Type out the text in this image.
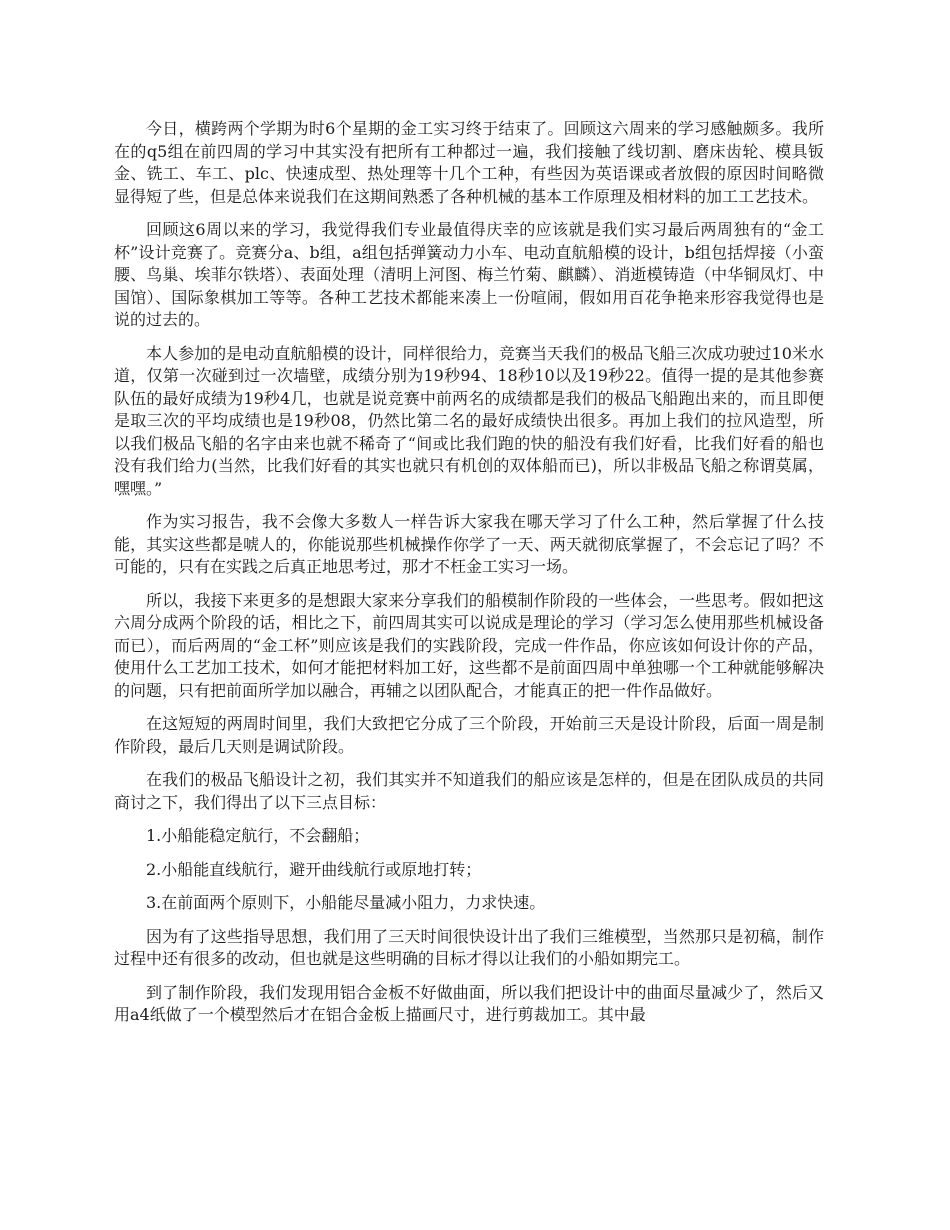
今日，横跨两个学期为时6个星期的金工实习终于结束了。回顾这六周来的学习感触颇多。我所在的q5组在前四周的学习中其实没有把所有工种都过一遍，我们接触了线切割、磨床齿轮、模具钣金、铣工、车工、plc、快速成型、热处理等十几个工种，有些因为英语课或者放假的原因时间略微显得短了些，但是总体来说我们在这期间熟悉了各种机械的基本工作原理及相材料的加工工艺技术。

回顾这6周以来的学习，我觉得我们专业最值得庆幸的应该就是我们实习最后两周独有的“金工杯”设计竞赛了。竞赛分a、b组，a组包括弹簧动力小车、电动直航船模的设计，b组包括焊接（小蛮腰、鸟巢、埃菲尔铁塔）、表面处理（清明上河图、梅兰竹菊、麒麟）、消逝模铸造（中华铜凤灯、中国馆）、国际象棋加工等等。各种工艺技术都能来凑上一份喧闹，假如用百花争艳来形容我觉得也是说的过去的。

本人参加的是电动直航船模的设计，同样很给力，竞赛当天我们的极品飞船三次成功驶过10米水道，仅第一次碰到过一次墙壁，成绩分别为19秒94、18秒10以及19秒22。值得一提的是其他参赛队伍的最好成绩为19秒4几，也就是说竞赛中前两名的成绩都是我们的极品飞船跑出来的，而且即便是取三次的平均成绩也是19秒08，仍然比第二名的最好成绩快出很多。再加上我们的拉风造型，所以我们极品飞船的名字由来也就不稀奇了“间或比我们跑的快的船没有我们好看，比我们好看的船也没有我们给力(当然，比我们好看的其实也就只有机创的双体船而已)，所以非极品飞船之称谓莫属，嘿嘿。”

作为实习报告，我不会像大多数人一样告诉大家我在哪天学习了什么工种，然后掌握了什么技能，其实这些都是唬人的，你能说那些机械操作你学了一天、两天就彻底掌握了，不会忘记了吗？不可能的，只有在实践之后真正地思考过，那才不枉金工实习一场。

所以，我接下来更多的是想跟大家来分享我们的船模制作阶段的一些体会，一些思考。假如把这六周分成两个阶段的话，相比之下，前四周其实可以说成是理论的学习（学习怎么使用那些机械设备而已），而后两周的“金工杯”则应该是我们的实践阶段，完成一件作品，你应该如何设计你的产品，使用什么工艺加工技术，如何才能把材料加工好，这些都不是前面四周中单独哪一个工种就能够解决的问题，只有把前面所学加以融合，再辅之以团队配合，才能真正的把一件作品做好。

在这短短的两周时间里，我们大致把它分成了三个阶段，开始前三天是设计阶段，后面一周是制作阶段，最后几天则是调试阶段。

在我们的极品飞船设计之初，我们其实并不知道我们的船应该是怎样的，但是在团队成员的共同商讨之下，我们得出了以下三点目标：

1.小船能稳定航行，不会翻船；

2.小船能直线航行，避开曲线航行或原地打转；

3.在前面两个原则下，小船能尽量减小阻力，力求快速。

因为有了这些指导思想，我们用了三天时间很快设计出了我们三维模型，当然那只是初稿，制作过程中还有很多的改动，但也就是这些明确的目标才得以让我们的小船如期完工。

到了制作阶段，我们发现用铝合金板不好做曲面，所以我们把设计中的曲面尽量减少了，然后又用a4纸做了一个模型然后才在铝合金板上描画尺寸，进行剪裁加工。其中最
